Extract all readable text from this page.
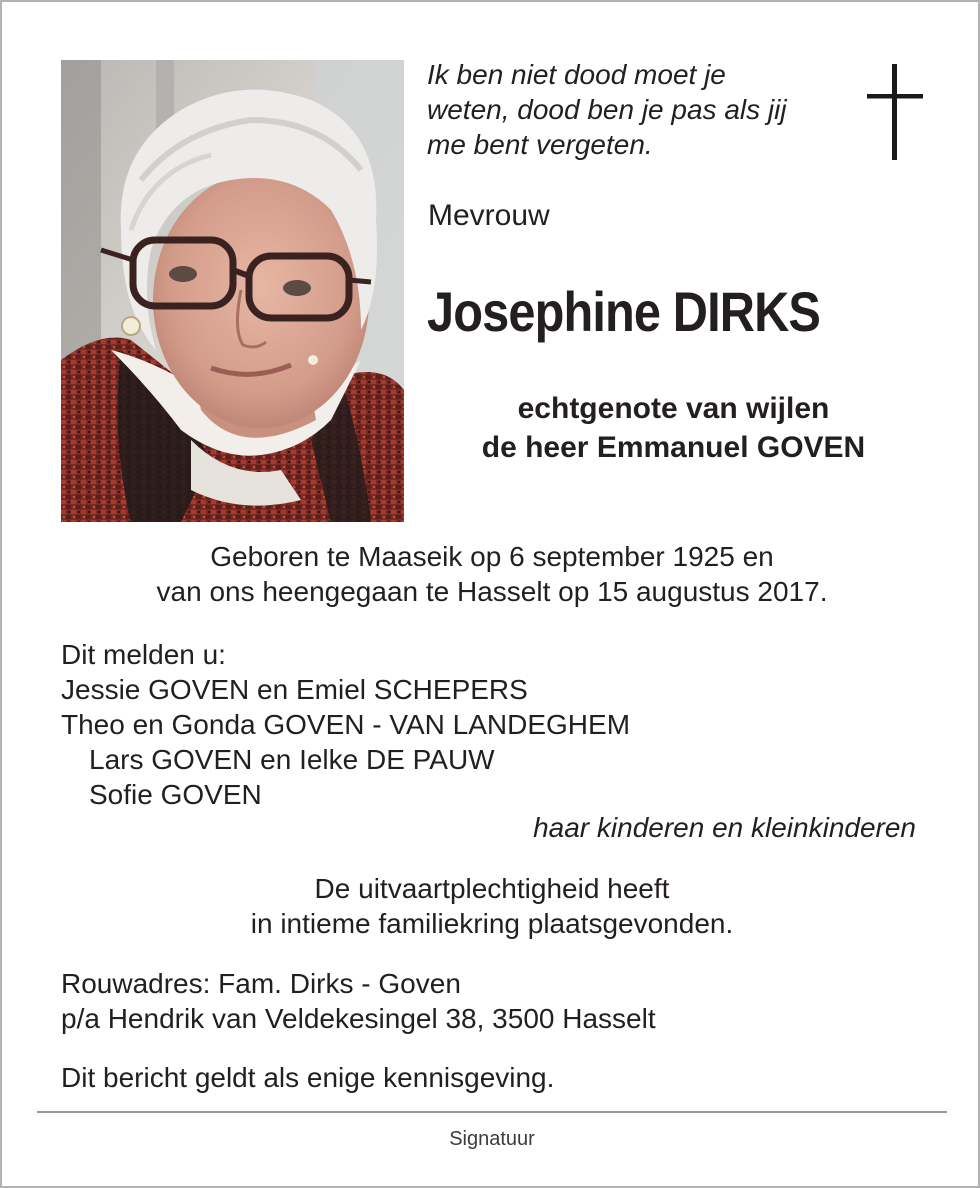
Ik ben niet dood moet je
weten, dood ben je pas als jij
me bent vergeten.
Mevrouw
Josephine DIRKS
echtgenote van wijlen
de heer Emmanuel GOVEN
Geboren te Maaseik op 6 september 1925 en
van ons heengegaan te Hasselt op 15 augustus 2017.
Dit melden u:
Jessie GOVEN en Emiel SCHEPERS
Theo en Gonda GOVEN - VAN LANDEGHEM
Lars GOVEN en Ielke DE PAUW
Sofie GOVEN
haar kinderen en kleinkinderen
De uitvaartplechtigheid heeft
in intieme familiekring plaatsgevonden.
Rouwadres: Fam. Dirks - Goven
p/a Hendrik van Veldekesingel 38, 3500 Hasselt
Dit bericht geldt als enige kennisgeving.
Signatuur
